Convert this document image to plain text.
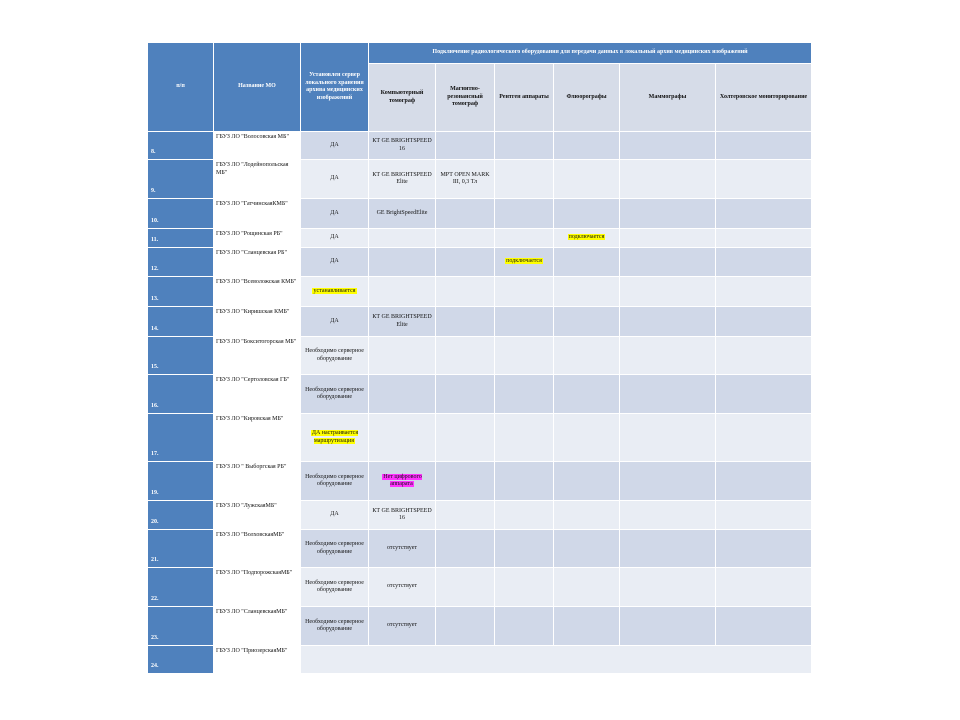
п/п	Название МО	Установлен сервер локального хранения архива медицинских изображений	Подключение радиологического оборудования для передачи данных в локальный архив медицинских изображений					
			Компьютерный томограф	Магнитно-резонансный томограф	Рентген аппараты	Флюорографы	Маммографы	Холтеровское мониторирование
8.	ГБУЗ ЛО "Волосовская МБ"	ДА	КТ GE BRIGHTSPEED 16					
9.	ГБУЗ ЛО "Лодейнопольская МБ"	ДА	КТ GE BRIGHTSPEED Elite	МРТ OPEN MARK III, 0,3 Тл				
10.	ГБУЗ ЛО "ГатчинскаяКМБ"	ДА	GE BrightSpeedElite					
11.	ГБУЗ ЛО "Рощинская РБ"	ДА				подключается		
12.	ГБУЗ ЛО "Сланцевская РБ"	ДА			подключается			
13.	ГБУЗ ЛО "Всеволожская КМБ"	устанавливается						
14.	ГБУЗ ЛО "Киришская КМБ"	ДА	КТ GE BRIGHTSPEED Elite					
15.	ГБУЗ ЛО "Бокситогорская МБ"	Необходимо серверное оборудование						
16.	ГБУЗ ЛО "Сертоловская ГБ"	Необходимо серверное оборудование						
17.	ГБУЗ ЛО "Кировская МБ"	ДА настраивается маршрутизация						
19.	ГБУЗ ЛО " Выборгская РБ"	Необходимо серверное оборудование	Нет цифрового аппарата					
20.	ГБУЗ ЛО "ЛужскаяМБ"	ДА	КТ GE BRIGHTSPEED 16					
21.	ГБУЗ ЛО "ВолховскаяМБ"	Необходимо серверное оборудование	отсутствует					
22.	ГБУЗ ЛО "ПодпорожскаяМБ"	Необходимо серверное оборудование	отсутствует					
23.	ГБУЗ ЛО "СланцевскаяМБ"	Необходимо серверное оборудование	отсутствует					
24.	ГБУЗ ЛО "ПриозерскаяМБ"							
